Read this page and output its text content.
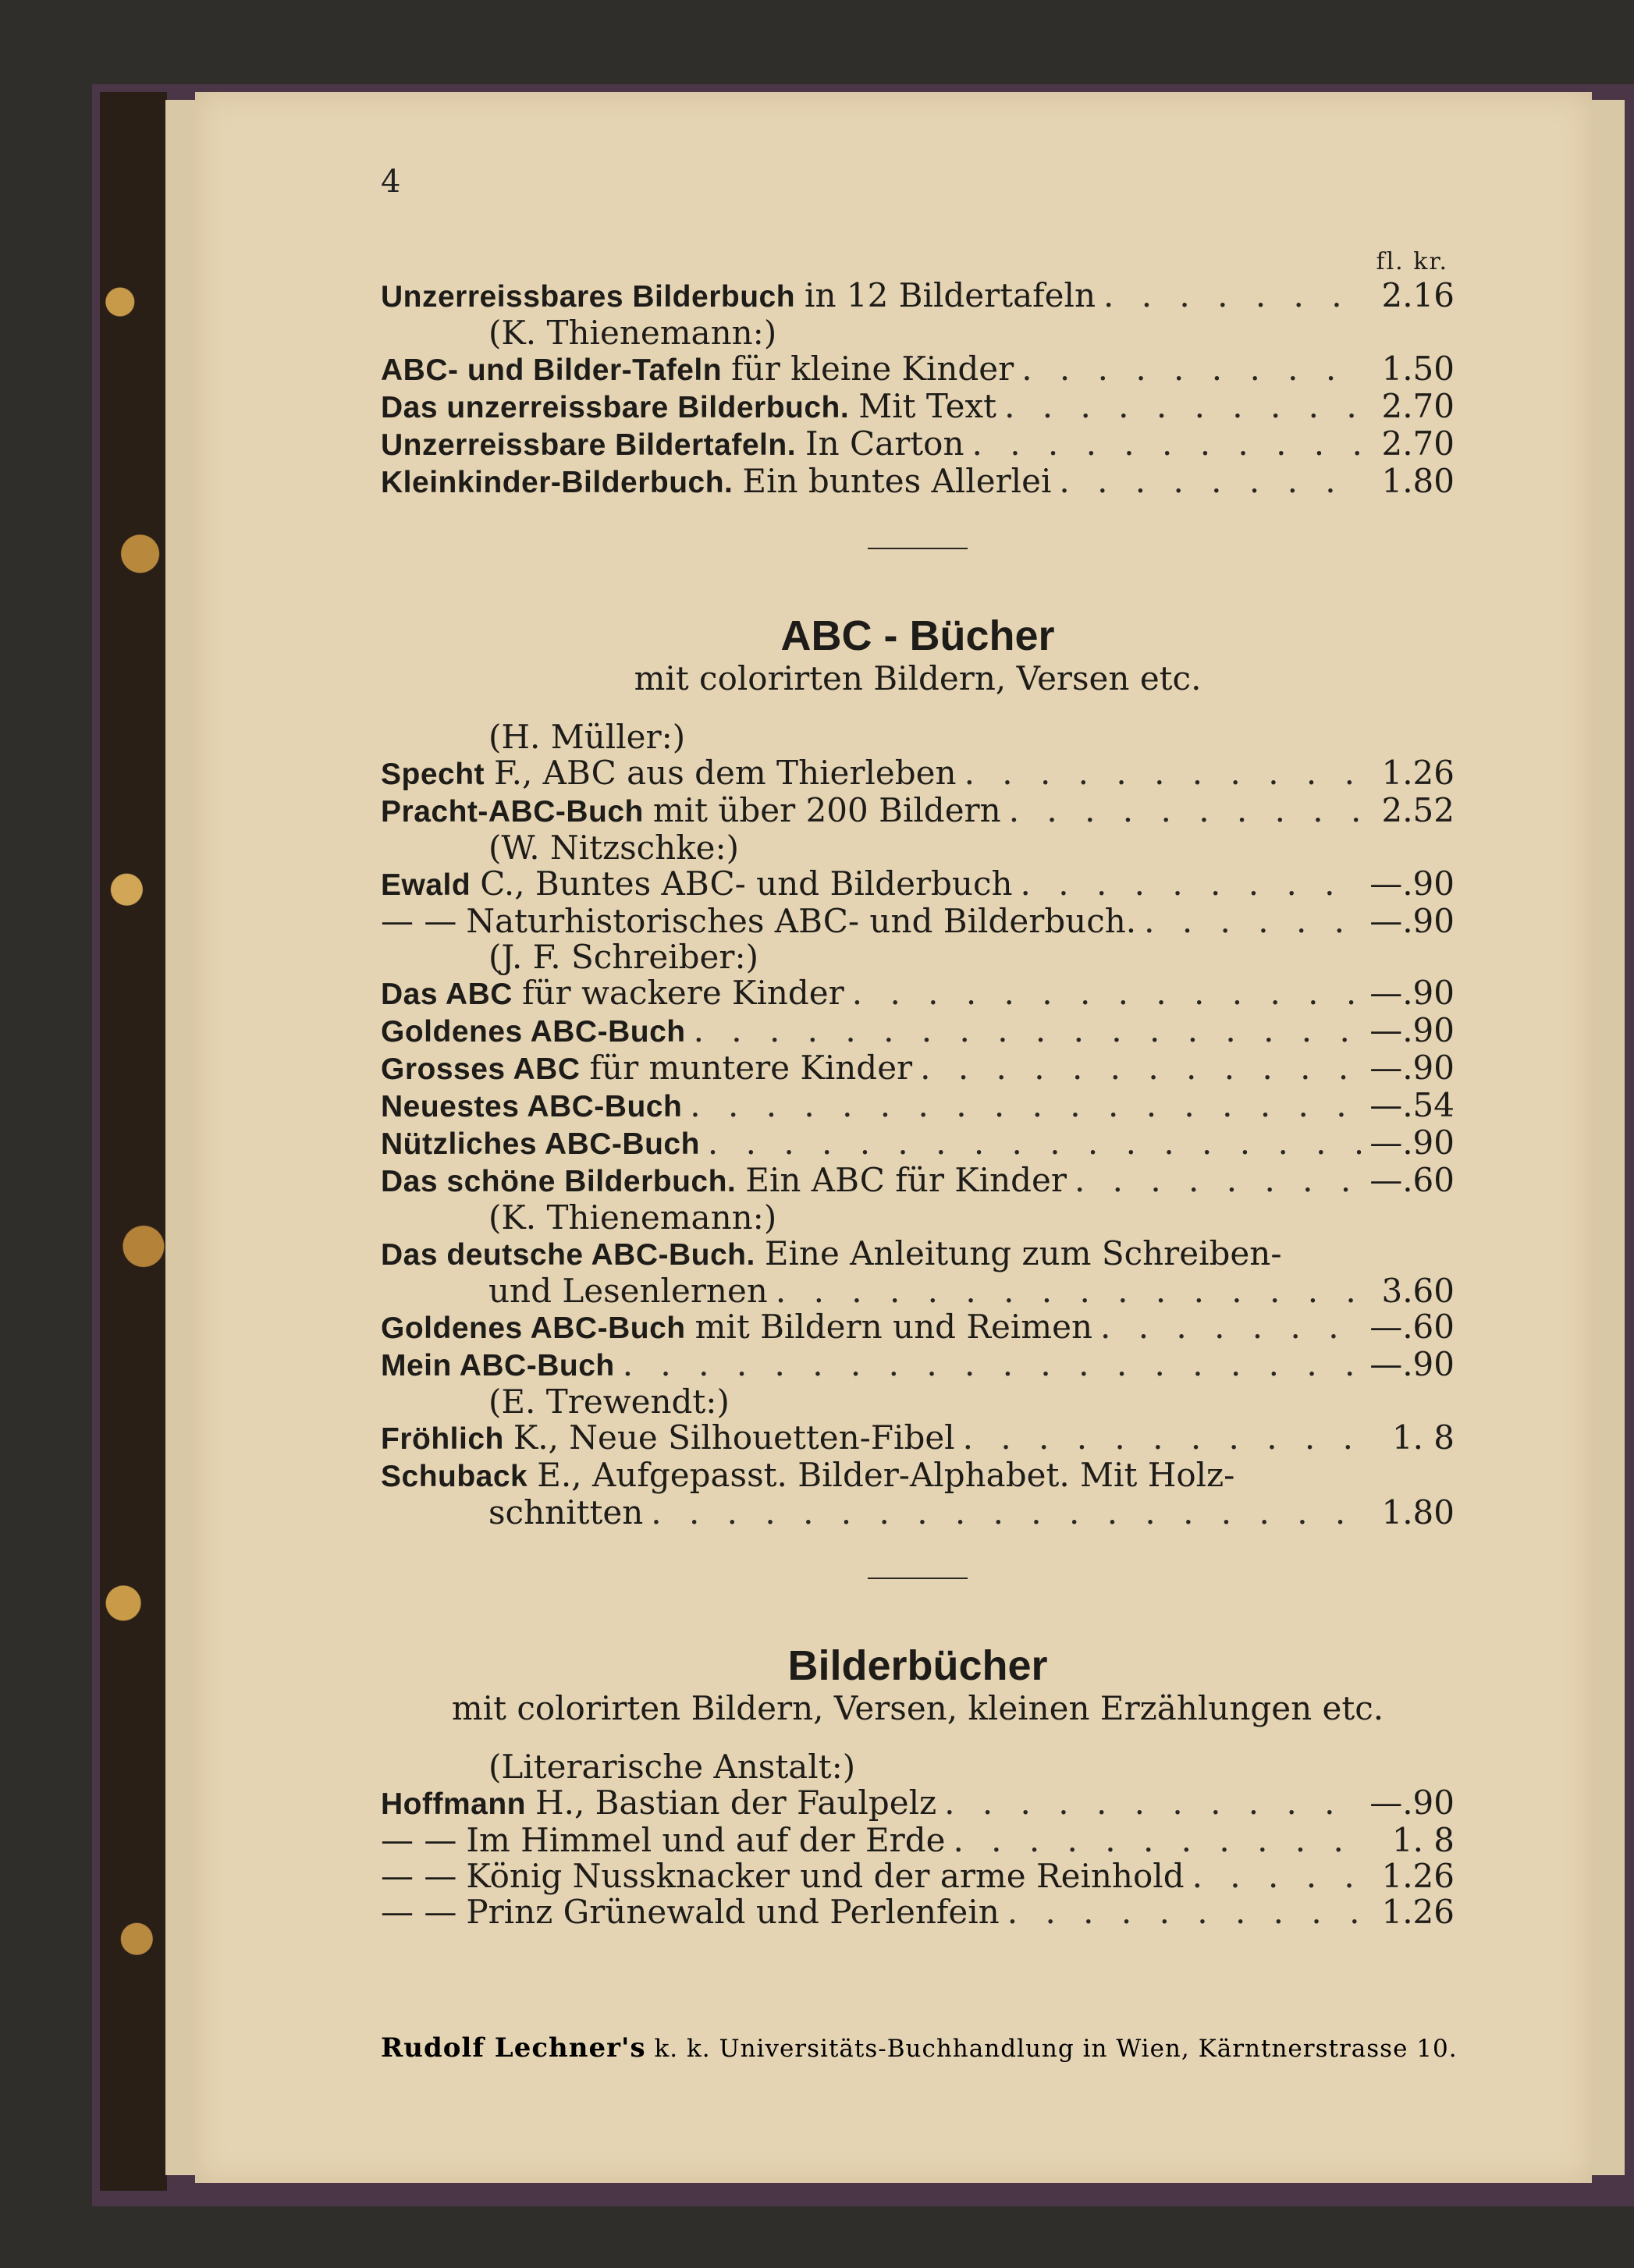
4
fl. kr.
Unzerreissbares Bilderbuch in 12 Bildertafeln . . .	2.16
(K. Thienemann:)
ABC- und Bilder-Tafeln für kleine Kinder . . .	1.50
Das unzerreissbare Bilderbuch. Mit Text . . .	2.70
Unzerreissbare Bildertafeln. In Carton . . .	2.70
Kleinkinder-Bilderbuch. Ein buntes Allerlei . . .	1.80
ABC - Bücher
mit colorirten Bildern, Versen etc.
(H. Müller:)
Specht F., ABC aus dem Thierleben . . .	1.26
Pracht-ABC-Buch mit über 200 Bildern . . .	2.52
(W. Nitzschke:)
Ewald C., Buntes ABC- und Bilderbuch . . .	—.90
— — Naturhistorisches ABC- und Bilderbuch. . . .	—.90
(J. F. Schreiber:)
Das ABC für wackere Kinder . . .	—.90
Goldenes ABC-Buch . . .	—.90
Grosses ABC für muntere Kinder . . .	—.90
Neuestes ABC-Buch . . .	—.54
Nützliches ABC-Buch . . .	—.90
Das schöne Bilderbuch. Ein ABC für Kinder . . .	—.60
(K. Thienemann:)
Das deutsche ABC-Buch. Eine Anleitung zum Schreiben-
und Lesenlernen . . .	3.60
Goldenes ABC-Buch mit Bildern und Reimen . . .	—.60
Mein ABC-Buch . . .	—.90
(E. Trewendt:)
Fröhlich K., Neue Silhouetten-Fibel . . .	1. 8
Schuback E., Aufgepasst. Bilder-Alphabet. Mit Holz-
schnitten . . .	1.80
Bilderbücher
mit colorirten Bildern, Versen, kleinen Erzählungen etc.
(Literarische Anstalt:)
Hoffmann H., Bastian der Faulpelz . . .	—.90
— — Im Himmel und auf der Erde . . .	1. 8
— — König Nussknacker und der arme Reinhold . . .	1.26
— — Prinz Grünewald und Perlenfein . . .	1.26
Rudolf Lechner's k. k. Universitäts-Buchhandlung in Wien, Kärntnerstrasse 10.
